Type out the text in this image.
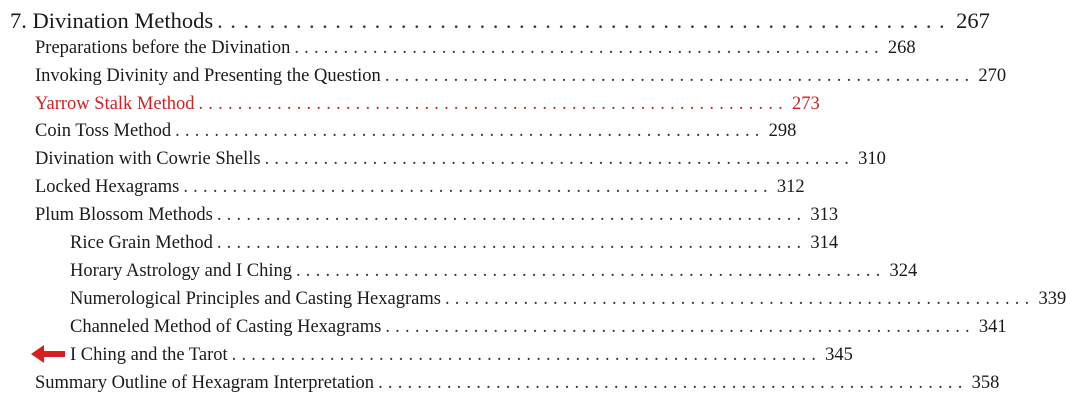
7. Divination Methods ........................................................ 267
Preparations before the Divination ............................................................ 268
Invoking Divinity and Presenting the Question ............................................................ 270
Yarrow Stalk Method ............................................................ 273
Coin Toss Method ............................................................ 298
Divination with Cowrie Shells ............................................................ 310
Locked Hexagrams ............................................................ 312
Plum Blossom Methods ............................................................ 313
Rice Grain Method ............................................................ 314
Horary Astrology and I Ching ............................................................ 324
Numerological Principles and Casting Hexagrams ............................................................ 339
Channeled Method of Casting Hexagrams ............................................................ 341
I Ching and the Tarot ............................................................ 345
Summary Outline of Hexagram Interpretation ............................................................ 358
